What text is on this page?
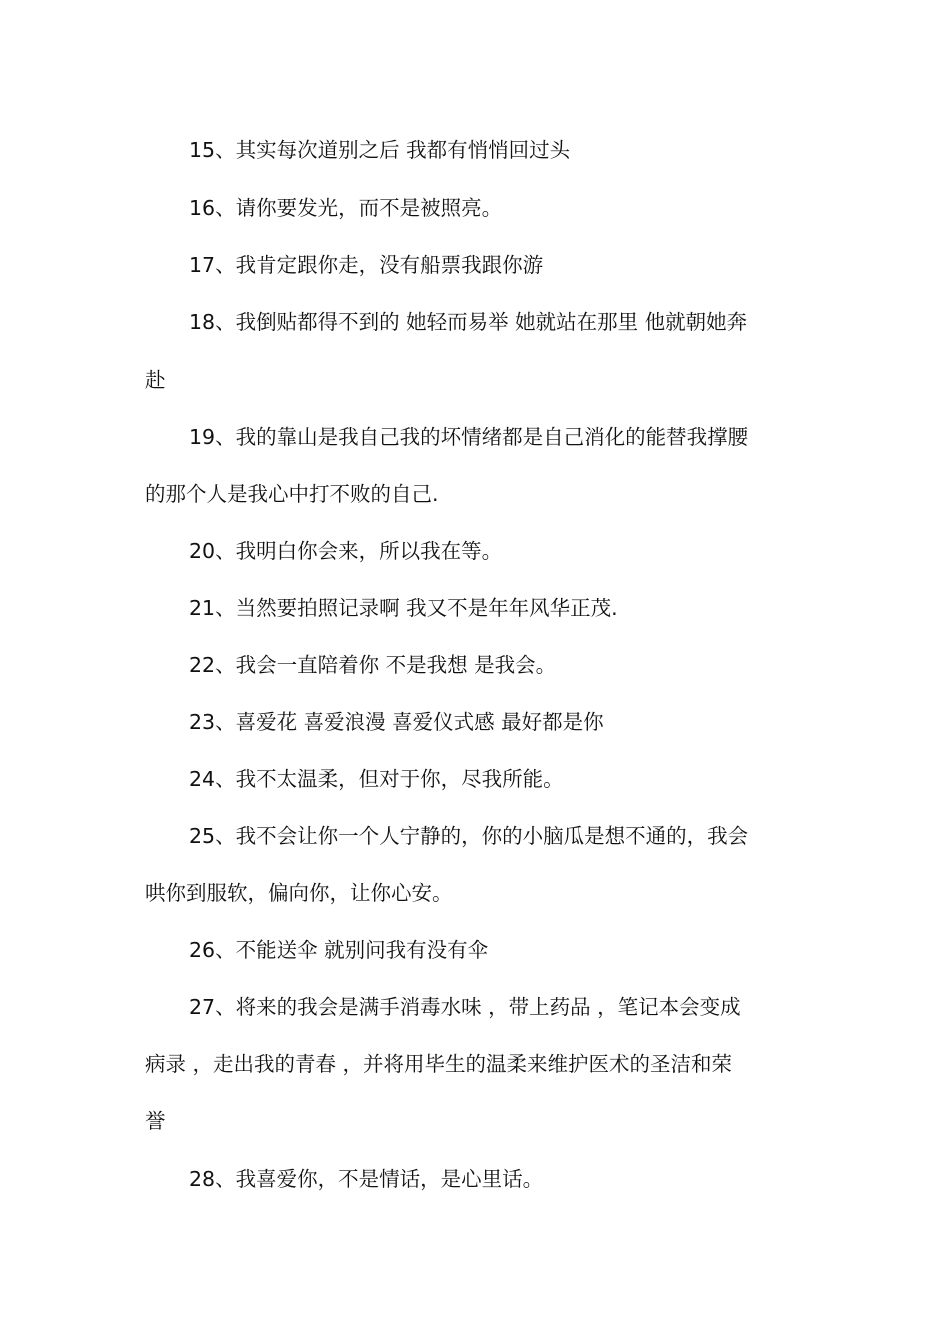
15、其实每次道别之后 我都有悄悄回过头
16、请你要发光，而不是被照亮。
17、我肯定跟你走，没有船票我跟你游
18、我倒贴都得不到的 她轻而易举 她就站在那里 他就朝她奔
赴
19、我的靠山是我自己我的坏情绪都是自己消化的能替我撑腰
的那个人是我心中打不败的自己.
20、我明白你会来，所以我在等。
21、当然要拍照记录啊 我又不是年年风华正茂.
22、我会一直陪着你 不是我想 是我会。
23、喜爱花 喜爱浪漫 喜爱仪式感 最好都是你
24、我不太温柔，但对于你，尽我所能。
25、我不会让你一个人宁静的，你的小脑瓜是想不通的，我会
哄你到服软，偏向你，让你心安。
26、不能送伞 就别问我有没有伞
27、将来的我会是满手消毒水味 ，带上药品 ，笔记本会变成
病录 ，走出我的青春 ，并将用毕生的温柔来维护医术的圣洁和荣
誉
28、我喜爱你，不是情话，是心里话。
